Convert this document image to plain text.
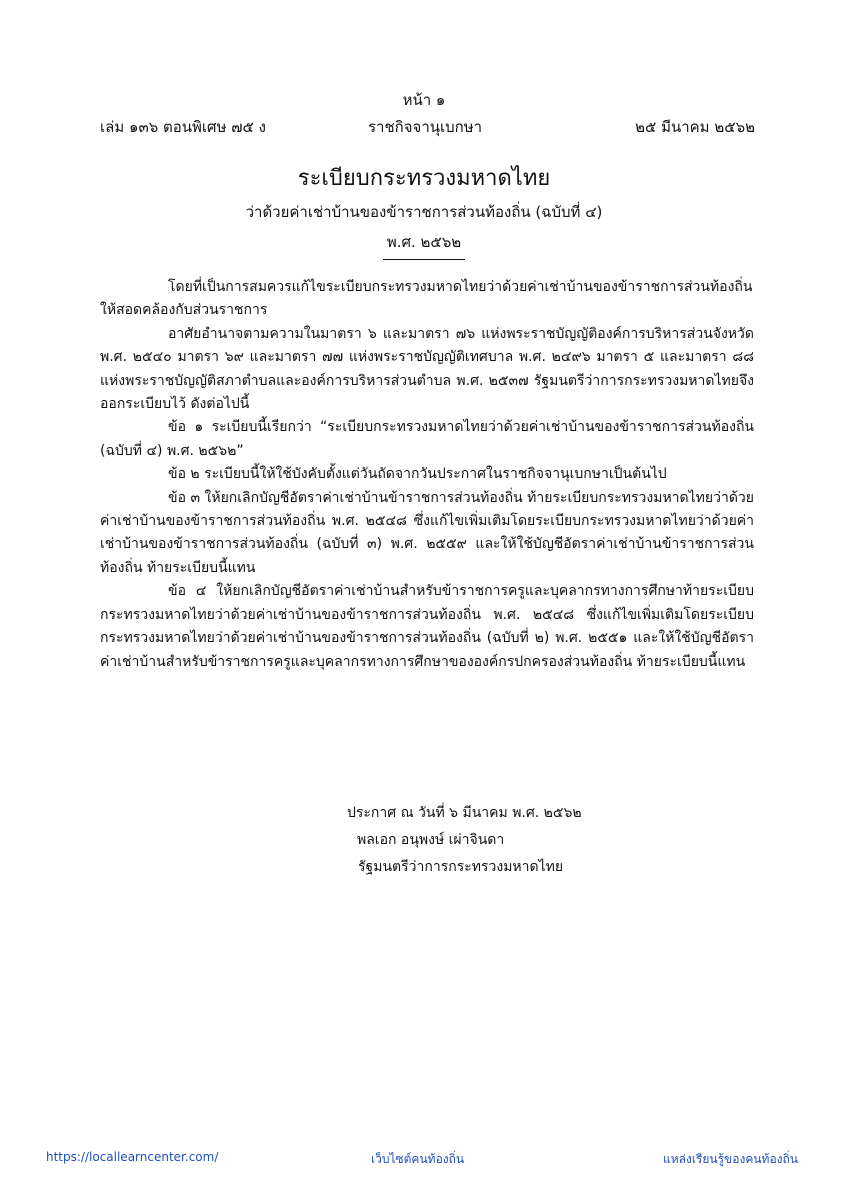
หน้า ๑
เล่ม ๑๓๖ ตอนพิเศษ ๗๕ ง	ราชกิจจานุเบกษา	๒๕ มีนาคม ๒๕๖๒
ระเบียบกระทรวงมหาดไทย
ว่าด้วยค่าเช่าบ้านของข้าราชการส่วนท้องถิ่น (ฉบับที่ ๔)
พ.ศ. ๒๕๖๒

โดยที่เป็นการสมควรแก้ไขระเบียบกระทรวงมหาดไทยว่าด้วยค่าเช่าบ้านของข้าราชการส่วนท้องถิ่น ให้สอดคล้องกับส่วนราชการ

อาศัยอำนาจตามความในมาตรา ๖ และมาตรา ๗๖ แห่งพระราชบัญญัติองค์การบริหารส่วนจังหวัด พ.ศ. ๒๕๔๐ มาตรา ๖๙ และมาตรา ๗๗ แห่งพระราชบัญญัติเทศบาล พ.ศ. ๒๔๙๖ มาตรา ๕ และมาตรา ๘๘ แห่งพระราชบัญญัติสภาตำบลและองค์การบริหารส่วนตำบล พ.ศ. ๒๕๓๗ รัฐมนตรีว่าการกระทรวงมหาดไทยจึงออกระเบียบไว้ ดังต่อไปนี้

ข้อ ๑ ระเบียบนี้เรียกว่า “ระเบียบกระทรวงมหาดไทยว่าด้วยค่าเช่าบ้านของข้าราชการส่วนท้องถิ่น (ฉบับที่ ๔) พ.ศ. ๒๕๖๒”

ข้อ ๒ ระเบียบนี้ให้ใช้บังคับตั้งแต่วันถัดจากวันประกาศในราชกิจจานุเบกษาเป็นต้นไป

ข้อ ๓ ให้ยกเลิกบัญชีอัตราค่าเช่าบ้านข้าราชการส่วนท้องถิ่น ท้ายระเบียบกระทรวงมหาดไทยว่าด้วยค่าเช่าบ้านของข้าราชการส่วนท้องถิ่น พ.ศ. ๒๕๔๘ ซึ่งแก้ไขเพิ่มเติมโดยระเบียบกระทรวงมหาดไทยว่าด้วยค่าเช่าบ้านของข้าราชการส่วนท้องถิ่น (ฉบับที่ ๓) พ.ศ. ๒๕๕๙ และให้ใช้บัญชีอัตราค่าเช่าบ้านข้าราชการส่วนท้องถิ่น ท้ายระเบียบนี้แทน

ข้อ ๔ ให้ยกเลิกบัญชีอัตราค่าเช่าบ้านสำหรับข้าราชการครูและบุคลากรทางการศึกษาท้ายระเบียบกระทรวงมหาดไทยว่าด้วยค่าเช่าบ้านของข้าราชการส่วนท้องถิ่น พ.ศ. ๒๕๔๘ ซึ่งแก้ไขเพิ่มเติมโดยระเบียบกระทรวงมหาดไทยว่าด้วยค่าเช่าบ้านของข้าราชการส่วนท้องถิ่น (ฉบับที่ ๒) พ.ศ. ๒๕๕๑ และให้ใช้บัญชีอัตราค่าเช่าบ้านสำหรับข้าราชการครูและบุคลากรทางการศึกษาขององค์กรปกครองส่วนท้องถิ่น ท้ายระเบียบนี้แทน

ประกาศ ณ วันที่ ๖ มีนาคม พ.ศ. ๒๕๖๒
พลเอก อนุพงษ์ เผ่าจินดา
รัฐมนตรีว่าการกระทรวงมหาดไทย
https://locallearncenter.com/	เว็บไซต์คนท้องถิ่น	แหล่งเรียนรู้ของคนท้องถิ่น
